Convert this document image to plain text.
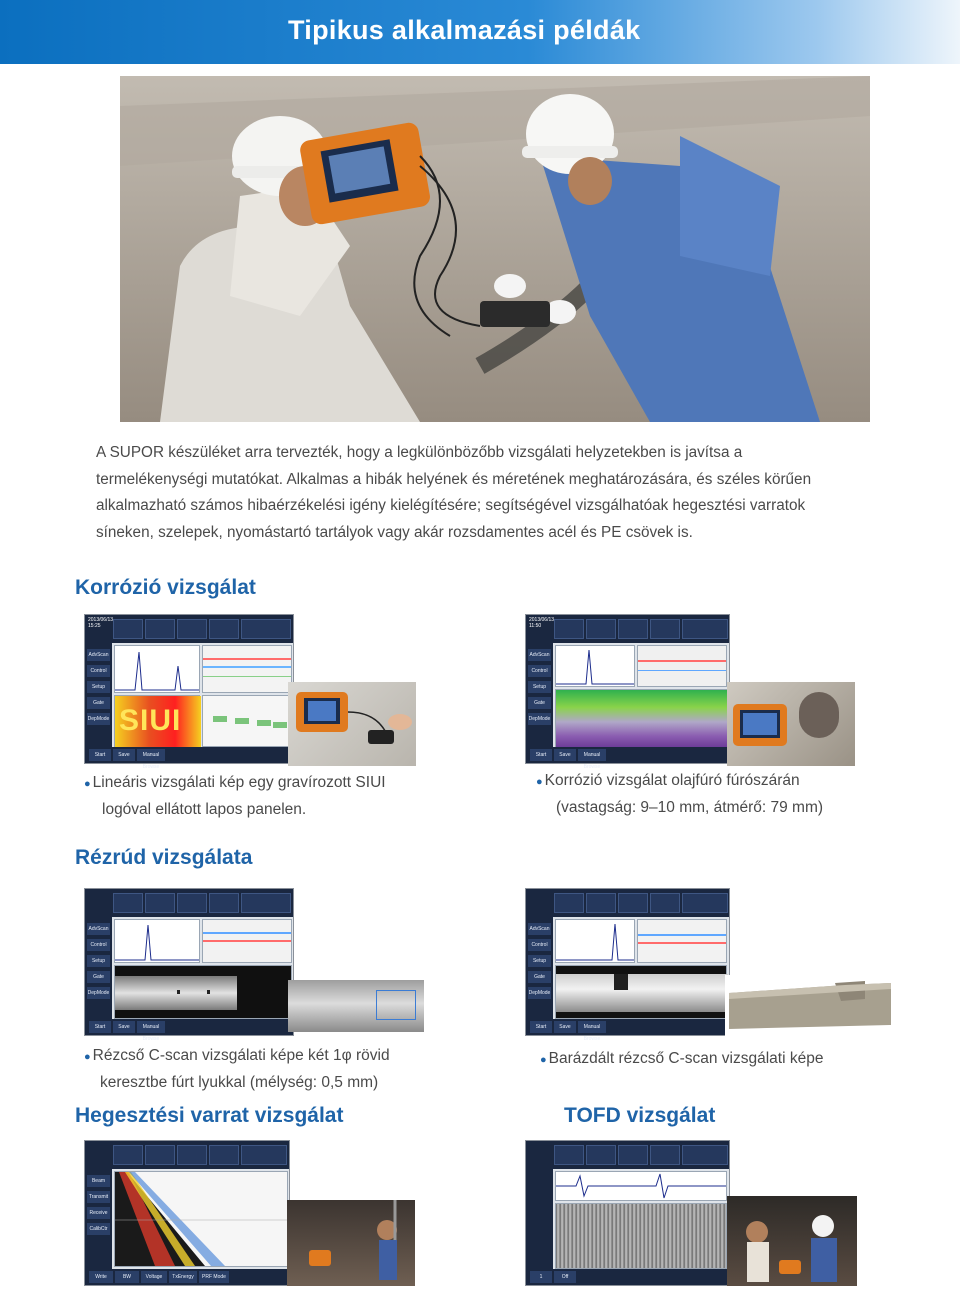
Tipikus alkalmazási példák
A SUPOR készüléket arra tervezték, hogy a legkülönbözőbb vizsgálati helyzetekben is javítsa a
termelékenységi mutatókat. Alkalmas a hibák helyének és méretének meghatározására, és széles körűen
alkalmazható számos hibaérzékelési igény kielégítésére; segítségével vizsgálhatóak hegesztési varratok
síneken, szelepek, nyomástartó tartályok vagy akár rozsdamentes acél és PE csövek is.
Korrózió vizsgálat
2013/06/13
15:25
AdvScan
Control
Setup
Gate
DepMode SIUI
Start	Save	Manual Browse
2013/06/13
11:50
AdvScan
Control
Setup
Gate
DepMode
Start	Save	Manual Browse
● Lineáris vizsgálati kép egy gravírozott SIUI
logóval ellátott lapos panelen.
● Korrózió vizsgálat olajfúró fúrószárán
(vastagság: 9–10 mm, átmérő: 79 mm)
Rézrúd vizsgálata
AdvScan
Control
Setup
Gate
DepMode
Start	Save	Manual Browse
AdvScan
Control
Setup
Gate
DepMode
Start	Save	Manual Browse
● Rézcső C-scan vizsgálati képe két 1φ rövid
keresztbe fúrt lyukkal (mélység: 0,5 mm)
● Barázdált rézcső C-scan vizsgálati képe
Hegesztési varrat vizsgálat	TOFD vizsgálat
Beam
Transmit
Receive
CalibCtr
Write	BW	Voltage	TxEnergy	PRF Mode	1	Off
